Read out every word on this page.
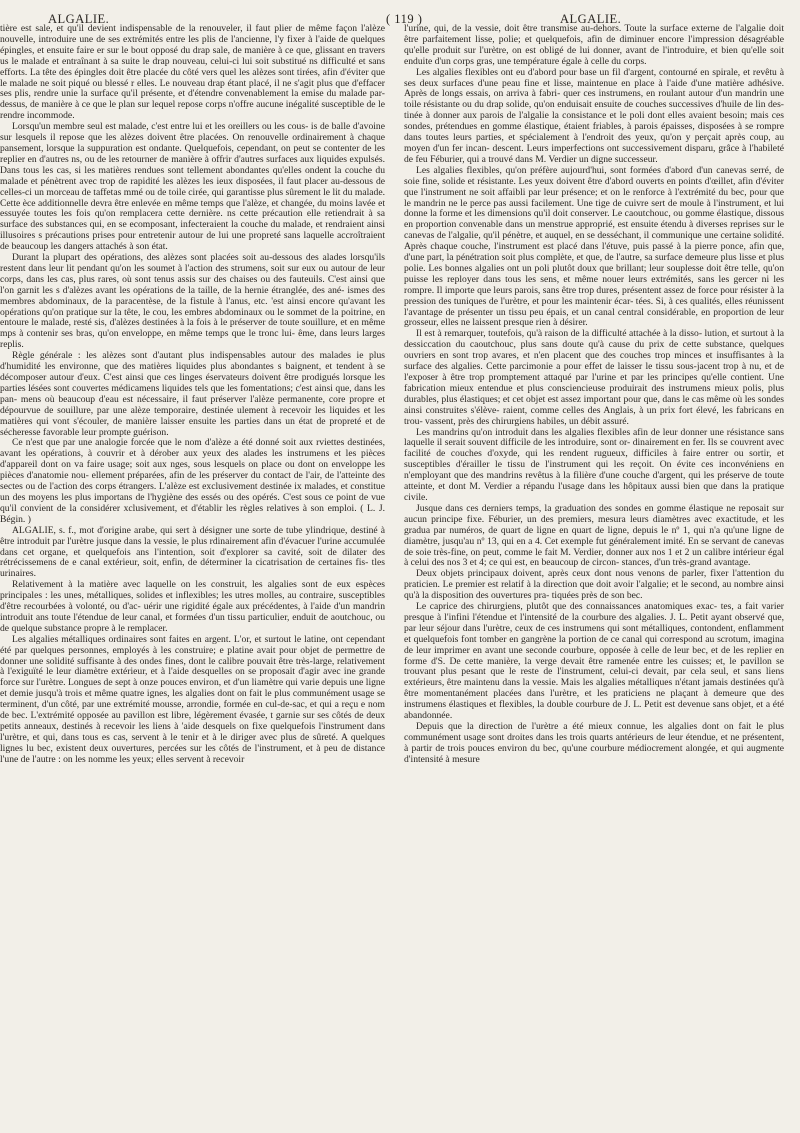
ALGALIE.	( 119 )	ALGALIE.

tière est sale, et qu'il devient indispensable de la renouveler, il faut plier de même façon l'alèze nouvelle, introduire une de ses extrémités entre les plis de l'ancienne, l'y fixer à l'aide de quelques épingles, et ensuite faire er sur le bout opposé du drap sale, de manière à ce que, glissant en travers us le malade et entraînant à sa suite le drap nouveau, celui-ci lui soit substitué ns difficulté et sans efforts. La tête des épingles doit être placée du côté vers quel les alèzes sont tirées, afin d'éviter que le malade ne soit piqué ou blessé r elles. Le nouveau drap étant placé, il ne s'agit plus que d'effacer ses plis, rendre unie la surface qu'il présente, et d'étendre convenablement la emise du malade par-dessus, de manière à ce que le plan sur lequel repose corps n'offre aucune inégalité susceptible de le rendre incommode.

Lorsqu'un membre seul est malade, c'est entre lui et les oreillers ou les cous- is de balle d'avoine sur lesquels il repose que les alèzes doivent être placées. On renouvelle ordinairement à chaque pansement, lorsque la suppuration est ondante. Quelquefois, cependant, on peut se contenter de les replier en d'autres ns, ou de les retourner de manière à offrir d'autres surfaces aux liquides expulsés. Dans tous les cas, si les matières rendues sont tellement abondantes qu'elles ondent la couche du malade et pénètrent avec trop de rapidité les alèzes les ieux disposées, il faut placer au-dessous de celles-ci un morceau de taffetas mmé ou de toile cirée, qui garantisse plus sûrement le lit du malade. Cette èce additionnelle devra être enlevée en même temps que l'alèze, et changée, du moins lavée et essuyée toutes les fois qu'on remplacera cette dernière. ns cette précaution elle retiendrait à sa surface des substances qui, en se ecomposant, infecteraient la couche du malade, et rendraient ainsi illusoires s précautions prises pour entretenir autour de lui une propreté sans laquelle accroîtraient de beaucoup les dangers attachés à son état.

Durant la plupart des opérations, des alèzes sont placées soit au-dessous des alades lorsqu'ils restent dans leur lit pendant qu'on les soumet à l'action des strumens, soit sur eux ou autour de leur corps, dans les cas, plus rares, où sont tenus assis sur des chaises ou des fauteuils. C'est ainsi que l'on garnit les s d'alèzes avant les opérations de la taille, de la hernie étranglée, des ané- ismes des membres abdominaux, de la paracentèse, de la fistule à l'anus, etc. 'est ainsi encore qu'avant les opérations qu'on pratique sur la tête, le cou, les embres abdominaux ou le sommet de la poitrine, en entoure le malade, resté sis, d'alèzes destinées à la fois à le préserver de toute souillure, et en même mps à contenir ses bras, qu'on enveloppe, en même temps que le tronc lui- ême, dans leurs larges replis.

Règle générale : les alèzes sont d'autant plus indispensables autour des malades ie plus d'humidité les environne, que des matières liquides plus abondantes s baignent, et tendent à se décomposer autour d'eux. C'est ainsi que ces linges éservateurs doivent être prodigués lorsque les parties lésées sont couvertes médicamens liquides tels que les fomentations; c'est ainsi que, dans les pan- mens où beaucoup d'eau est nécessaire, il faut préserver l'alèze permanente, core propre et dépourvue de souillure, par une alèze temporaire, destinée ulement à recevoir les liquides et les matières qui vont s'écouler, de manière laisser ensuite les parties dans un état de propreté et de sécheresse favorable leur prompte guérison.

Ce n'est que par une analogie forcée que le nom d'alèze a été donné soit aux rviettes destinées, avant les opérations, à couvrir et à dérober aux yeux des alades les instrumens et les pièces d'appareil dont on va faire usage; soit aux nges, sous lesquels on place ou dont on enveloppe les pièces d'anatomie nou- ellement préparées, afin de les préserver du contact de l'air, de l'atteinte des sectes ou de l'action des corps étrangers. L'alèze est exclusivement destinée ix malades, et constitue un des moyens les plus importans de l'hygiène des essés ou des opérés. C'est sous ce point de vue qu'il convient de la considérer xclusivement, et d'établir les règles relatives à son emploi. ( L. J. Bégin. )

ALGALIE, s. f., mot d'origine arabe, qui sert à désigner une sorte de tube ylindrique, destiné à être introduit par l'urètre jusque dans la vessie, le plus rdinairement afin d'évacuer l'urine accumulée dans cet organe, et quelquefois ans l'intention, soit d'explorer sa cavité, soit de dilater des rétrécissemens de e canal extérieur, soit, enfin, de déterminer la cicatrisation de certaines fis- tles urinaires.

Relativement à la matière avec laquelle on les construit, les algalies sont de eux espèces principales : les unes, métalliques, solides et inflexibles; les utres molles, au contraire, susceptibles d'être recourbées à volonté, ou d'ac- uérir une rigidité égale aux précédentes, à l'aide d'un mandrin introduit ans toute l'étendue de leur canal, et formées d'un tissu particulier, enduit de aoutchouc, ou de quelque substance propre à le remplacer.

Les algalies métalliques ordinaires sont faites en argent. L'or, et surtout le latine, ont cependant été par quelques personnes, employés à les construire; e platine avait pour objet de permettre de donner une solidité suffisante à des ondes fines, dont le calibre pouvait être très-large, relativement à l'exiguïté le leur diamètre extérieur, et à l'aide desquelles on se proposait d'agir avec ine grande force sur l'urètre. Longues de sept à onze pouces environ, et d'un liamètre qui varie depuis une ligne et demie jusqu'à trois et même quatre ignes, les algalies dont on fait le plus communément usage se terminent, d'un côté, par une extrémité mousse, arrondie, formée en cul-de-sac, et qui a reçu e nom de bec. L'extrémité opposée au pavillon est libre, légèrement évasée, t garnie sur ses côtés de deux petits anneaux, destinés à recevoir les liens à 'aide desquels on fixe quelquefois l'instrument dans l'urètre, et qui, dans tous es cas, servent à le tenir et à le diriger avec plus de sûreté. A quelques lignes lu bec, existent deux ouvertures, percées sur les côtés de l'instrument, et à peu de distance l'une de l'autre : on les nomme les yeux; elles servent à recevoir

l'urine, qui, de la vessie, doit être transmise au-dehors. Toute la surface externe de l'algalie doit être parfaitement lisse, polie; et quelquefois, afin de diminuer encore l'impression désagréable qu'elle produit sur l'urètre, on est obligé de lui donner, avant de l'introduire, et bien qu'elle soit enduite d'un corps gras, une température égale à celle du corps.

Les algalies flexibles ont eu d'abord pour base un fil d'argent, contourné en spirale, et revêtu à ses deux surfaces d'une peau fine et lisse, maintenue en place à l'aide d'une matière adhésive. Après de longs essais, on arriva à fabri- quer ces instrumens, en roulant autour d'un mandrin une toile résistante ou du drap solide, qu'on enduisait ensuite de couches successives d'huile de lin des- tinée à donner aux parois de l'algalie la consistance et le poli dont elles avaient besoin; mais ces sondes, prétendues en gomme élastique, étaient friables, à parois épaisses, disposées à se rompre dans toutes leurs parties, et spécialement à l'endroit des yeux, qu'on y perçait après coup, au moyen d'un fer incan- descent. Leurs imperfections ont successivement disparu, grâce à l'habileté de feu Féburier, qui a trouvé dans M. Verdier un digne successeur.

Les algalies flexibles, qu'on préfère aujourd'hui, sont formées d'abord d'un canevas serré, de soie fine, solide et résistante. Les yeux doivent être d'abord ouverts en points d'œillet, afin d'éviter que l'instrument ne soit affaibli par leur présence; et on le renforce à l'extrémité du bec, pour que le mandrin ne le perce pas aussi facilement. Une tige de cuivre sert de moule à l'instrument, et lui donne la forme et les dimensions qu'il doit conserver. Le caoutchouc, ou gomme élastique, dissous en proportion convenable dans un menstrue approprié, est ensuite étendu à diverses reprises sur le canevas de l'algalie, qu'il pénètre, et auquel, en se desséchant, il communique une certaine solidité. Après chaque couche, l'instrument est placé dans l'étuve, puis passé à la pierre ponce, afin que, d'une part, la pénétration soit plus complète, et que, de l'autre, sa surface demeure plus lisse et plus polie. Les bonnes algalies ont un poli plutôt doux que brillant; leur souplesse doit être telle, qu'on puisse les reployer dans tous les sens, et même nouer leurs extrémités, sans les gercer ni les rompre. Il importe que leurs parois, sans être trop dures, présentent assez de force pour résister à la pression des tuniques de l'urètre, et pour les maintenir écar- tées. Si, à ces qualités, elles réunissent l'avantage de présenter un tissu peu épais, et un canal central considérable, en proportion de leur grosseur, elles ne laissent presque rien à désirer.

Il est à remarquer, toutefois, qu'à raison de la difficulté attachée à la disso- lution, et surtout à la dessiccation du caoutchouc, plus sans doute qu'à cause du prix de cette substance, quelques ouvriers en sont trop avares, et n'en placent que des couches trop minces et insuffisantes à la surface des algalies. Cette parcimonie a pour effet de laisser le tissu sous-jacent trop à nu, et de l'exposer à être trop promptement attaqué par l'urine et par les principes qu'elle contient. Une fabrication mieux entendue et plus consciencieuse produirait des instrumens mieux polis, plus durables, plus élastiques; et cet objet est assez important pour que, dans le cas même où les sondes ainsi construites s'élève- raient, comme celles des Anglais, à un prix fort élevé, les fabricans en trou- vassent, près des chirurgiens habiles, un débit assuré.

Les mandrins qu'on introduit dans les algalies flexibles afin de leur donner une résistance sans laquelle il serait souvent difficile de les introduire, sont or- dinairement en fer. Ils se couvrent avec facilité de couches d'oxyde, qui les rendent rugueux, difficiles à faire entrer ou sortir, et susceptibles d'érailler le tissu de l'instrument qui les reçoit. On évite ces inconvéniens en n'employant que des mandrins revêtus à la filière d'une couche d'argent, qui les préserve de toute atteinte, et dont M. Verdier a répandu l'usage dans les hôpitaux aussi bien que dans la pratique civile.

Jusque dans ces derniers temps, la graduation des sondes en gomme élastique ne reposait sur aucun principe fixe. Féburier, un des premiers, mesura leurs diamètres avec exactitude, et les gradua par numéros, de quart de ligne en quart de ligne, depuis le nº 1, qui n'a qu'une ligne de diamètre, jusqu'au nº 13, qui en a 4. Cet exemple fut généralement imité. En se servant de canevas de soie très-fine, on peut, comme le fait M. Verdier, donner aux nos 1 et 2 un calibre intérieur égal à celui des nos 3 et 4; ce qui est, en beaucoup de circon- stances, d'un très-grand avantage.

Deux objets principaux doivent, après ceux dont nous venons de parler, fixer l'attention du praticien. Le premier est relatif à la direction que doit avoir l'algalie; et le second, au nombre ainsi qu'à la disposition des ouvertures pra- tiquées près de son bec.

Le caprice des chirurgiens, plutôt que des connaissances anatomiques exac- tes, a fait varier presque à l'infini l'étendue et l'intensité de la courbure des algalies. J. L. Petit ayant observé que, par leur séjour dans l'urètre, ceux de ces instrumens qui sont métalliques, contondent, enflamment et quelquefois font tomber en gangrène la portion de ce canal qui correspond au scrotum, imagina de leur imprimer en avant une seconde courbure, opposée à celle de leur bec, et de les replier en forme d'S. De cette manière, la verge devait être ramenée entre les cuisses; et, le pavillon se trouvant plus pesant que le reste de l'instrument, celui-ci devait, par cela seul, et sans liens extérieurs, être maintenu dans la vessie. Mais les algalies métalliques n'étant jamais destinées qu'à être momentanément placées dans l'urètre, et les praticiens ne plaçant à demeure que des instrumens élastiques et flexibles, la double courbure de J. L. Petit est devenue sans objet, et a été abandonnée.

Depuis que la direction de l'urètre a été mieux connue, les algalies dont on fait le plus communément usage sont droites dans les trois quarts antérieurs de leur étendue, et ne présentent, à partir de trois pouces environ du bec, qu'une courbure médiocrement alongée, et qui augmente d'intensité à mesure
